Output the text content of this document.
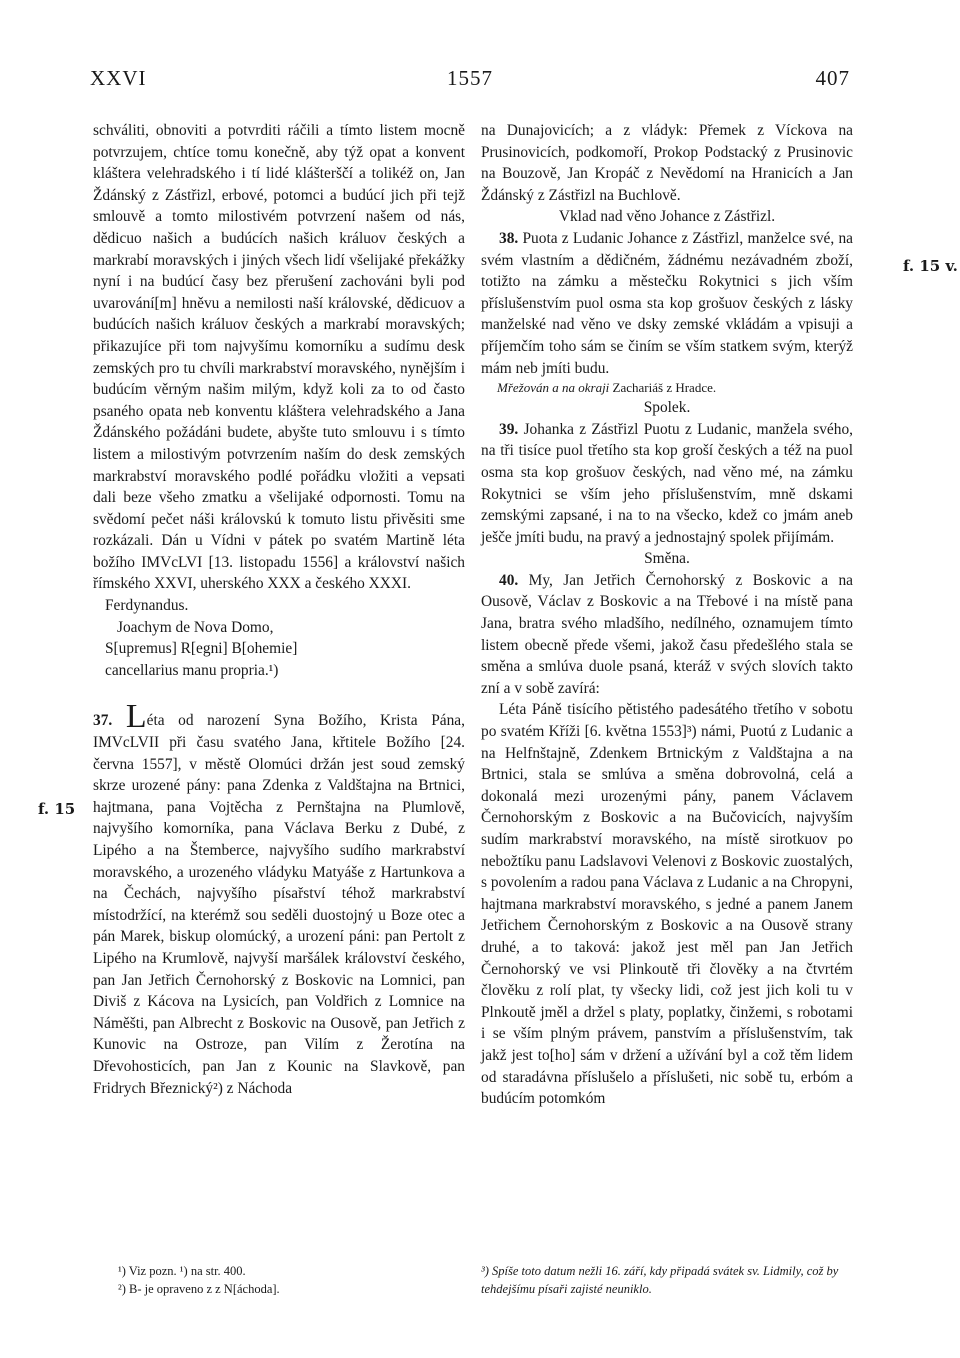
XXVI	1557	407
f. 15 v.
f. 15

schváliti, obnoviti a potvrditi ráčili a tímto listem mocně potvrzujem, chtíce tomu konečně, aby týž opat a konvent kláštera velehradského i tí lidé klášterščí a tolikéž on, Jan Ždánský z Zástřizl, erbové, potomci a budúcí jich při tejž smlouvě a tomto milostivém potvrzení našem od nás, dědicuo našich a budúcích našich králuov českých a markrabí moravských i jiných všech lidí všelijaké překážky nyní i na budúcí časy bez přerušení zachováni byli pod uvarování[m] hněvu a nemilosti naší královské, dědicuov a budúcích našich králuov českých a markrabí moravských; přikazujíce při tom najvyšímu komorníku a sudímu desk zemských pro tu chvíli markrabství moravského, nynějším i budúcím věrným našim milým, když koli za to od často psaného opata neb konventu kláštera velehradského a Jana Ždánského požádáni budete, abyšte tuto smlouvu i s tímto listem a milostivým potvrzením naším do desk zemských markrabství moravského podlé pořádku vložiti a vepsati dali beze všeho zmatku a všelijaké odpornosti. Tomu na svědomí pečet náši královskú k tomuto listu přivěsiti sme rozkázali. Dán u Vídni v pátek po svatém Martině léta božího IMVcLVI [13. listopadu 1556] a království našich římského XXVI, uherského XXX a českého XXXI.

Ferdynandus.

Joachym de Nova Domo,

S[upremus] R[egni] B[ohemie]

cancellarius manu propria.¹)

37. Léta od narození Syna Božího, Krista Pána, IMVcLVII při času svatého Jana, křtitele Božího [24. června 1557], v městě Olomúci držán jest soud zemský skrze urozené pány: pana Zdenka z Valdštajna na Brtnici, hajtmana, pana Vojtěcha z Pernštajna na Plumlově, najvyšího komorníka, pana Václava Berku z Dubé, z Lipého a na Štemberce, najvyšího sudího markrabství moravského, a urozeného vládyku Matyáše z Hartunkova a na Čechách, najvyšího písařství téhož markrabství místodržící, na kterémž sou seděli duostojný u Boze otec a pán Marek, biskup olomúcký, a urození páni: pan Pertolt z Lipého na Krumlově, najvyší maršálek království českého, pan Jan Jetřich Černohorský z Boskovic na Lomnici, pan Diviš z Kácova na Lysicích, pan Voldřich z Lomnice na Náměšti, pan Albrecht z Boskovic na Ousově, pan Jetřich z Kunovic na Ostroze, pan Vilím z Žerotína na Dřevohosticích, pan Jan z Kounic na Slavkově, pan Fridrych Březnický²) z Náchoda

na Dunajovicích; a z vládyk: Přemek z Víckova na Prusinovicích, podkomoří, Prokop Podstacký z Prusinovic na Bouzově, Jan Kropáč z Nevědomí na Hranicích a Jan Ždánský z Zástřizl na Buchlově.

Vklad nad věno Johance z Zástřizl.

38. Puota z Ludanic Johance z Zástřizl, manželce své, na svém vlastním a dědičném, žádnému nezávadném zboží, totižto na zámku a městečku Rokytnici s jich vším příslušenstvím puol osma sta kop grošuov českých z lásky manželské nad věno ve dsky zemské vkládám a vpisuji a příjemčím toho sám se činím se vším statkem svým, kterýž mám neb jmíti budu.

Mřežován a na okraji Zachariáš z Hradce.

Spolek.

39. Johanka z Zástřizl Puotu z Ludanic, manžela svého, na tři tisíce puol třetího sta kop groší českých a též na puol osma sta kop grošuov českých, nad věno mé, na zámku Rokytnici se vším jeho příslušenstvím, mně dskami zemskými zapsané, i na to na všecko, kdež co jmám aneb ješče jmíti budu, na pravý a jednostajný spolek přijímám.

Směna.

40. My, Jan Jetřich Černohorský z Boskovic a na Ousově, Václav z Boskovic a na Třebové i na místě pana Jana, bratra svého mladšího, nedílného, oznamujem tímto listem obecně přede všemi, jakož času předešlého stala se směna a smlúva duole psaná, kteráž v svých slovích takto zní a v sobě zavírá:

Léta Páně tisícího pětistého padesátého třetího v sobotu po svatém Kříži [6. května 1553]³) námi, Puotú z Ludanic a na Helfnštajně, Zdenkem Brtnickým z Valdštajna a na Brtnici, stala se smlúva a směna dobrovolná, celá a dokonalá mezi urozenými pány, panem Václavem Černohorským z Boskovic a na Bučovicích, najvyším sudím markrabství moravského, na místě sirotkuov po nebožtíku panu Ladslavovi Velenovi z Boskovic zuostalých, s povolením a radou pana Václava z Ludanic a na Chropyni, hajtmana markrabství moravského, s jedné a panem Janem Jetřichem Černohorským z Boskovic a na Ousově strany druhé, a to taková: jakož jest měl pan Jan Jetřich Černohorský ve vsi Plinkoutě tři člověky a na čtvrtém člověku z rolí plat, ty všecky lidi, což jest jich koli tu v Plnkoutě jměl a držel s platy, poplatky, činžemi, s robotami i se vším plným právem, panstvím a příslušenstvím, tak jakž jest to[ho] sám v držení a užívání byl a což těm lidem od staradávna příslušelo a příslušeti, nic sobě tu, erbóm a budúcím potomkóm

¹) Viz pozn. ¹) na str. 400.

²) B- je opraveno z z N[áchoda].

³) Spíše toto datum nežli 16. září, kdy připadá svátek sv. Lidmily, což by tehdejšímu písaři zajisté neuniklo.
